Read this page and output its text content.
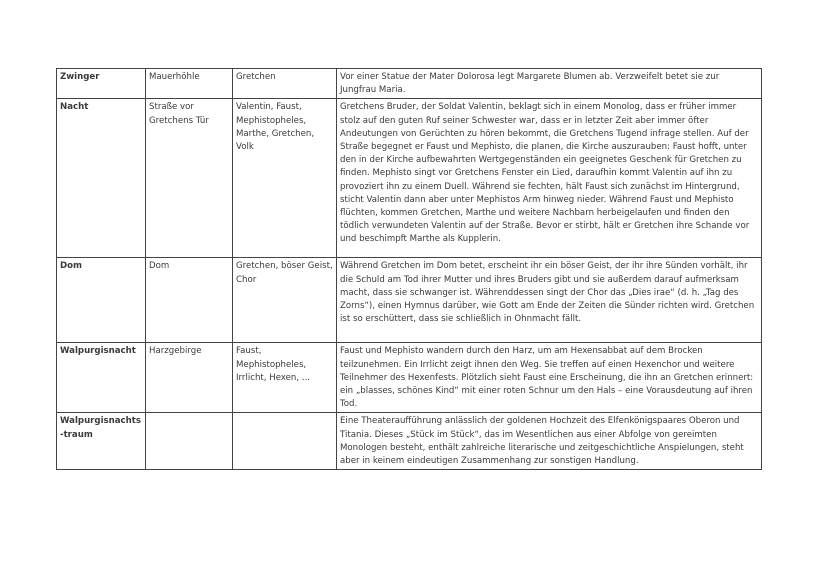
Zwinger	Mauerhöhle	Gretchen	Vor einer Statue der Mater Dolorosa legt Margarete Blumen ab. Verzweifelt betet sie zur Jungfrau Maria.
Nacht	Straße vor Gretchens Tür	Valentin, Faust, Mephistopheles, Marthe, Gretchen, Volk	Gretchens Bruder, der Soldat Valentin, beklagt sich in einem Monolog, dass er früher immer stolz auf den guten Ruf seiner Schwester war, dass er in letzter Zeit aber immer öfter Andeutungen von Gerüchten zu hören bekommt, die Gretchens Tugend infrage stellen. Auf der Straße begegnet er Faust und Mephisto, die planen, die Kirche auszurauben: Faust hofft, unter den in der Kirche aufbewahrten Wertgegenständen ein geeignetes Geschenk für Gretchen zu finden. Mephisto singt vor Gretchens Fenster ein Lied, daraufhin kommt Valentin auf ihn zu provoziert ihn zu einem Duell. Während sie fechten, hält Faust sich zunächst im Hintergrund, sticht Valentin dann aber unter Mephistos Arm hinweg nieder. Während Faust und Mephisto flüchten, kommen Gretchen, Marthe und weitere Nachbarn herbeigelaufen und finden den tödlich verwundeten Valentin auf der Straße. Bevor er stirbt, hält er Gretchen ihre Schande vor und beschimpft Marthe als Kupplerin.
Dom	Dom	Gretchen, böser Geist, Chor	Während Gretchen im Dom betet, erscheint ihr ein böser Geist, der ihr ihre Sünden vorhält, ihr die Schuld am Tod ihrer Mutter und ihres Bruders gibt und sie außerdem darauf aufmerksam macht, dass sie schwanger ist. Währenddessen singt der Chor das „Dies irae“ (d. h. „Tag des Zorns“), einen Hymnus darüber, wie Gott am Ende der Zeiten die Sünder richten wird. Gretchen ist so erschüttert, dass sie schließlich in Ohnmacht fällt.
Walpurgisnacht	Harzgebirge	Faust, Mephistopheles, Irrlicht, Hexen, ...	Faust und Mephisto wandern durch den Harz, um am Hexensabbat auf dem Brocken teilzunehmen. Ein Irrlicht zeigt ihnen den Weg. Sie treffen auf einen Hexenchor und weitere Teilnehmer des Hexenfests. Plötzlich sieht Faust eine Erscheinung, die ihn an Gretchen erinnert: ein „blasses, schönes Kind“ mit einer roten Schnur um den Hals – eine Vorausdeutung auf ihren Tod.
Walpurgisnachts-traum			Eine Theateraufführung anlässlich der goldenen Hochzeit des Elfenkönigspaares Oberon und Titania. Dieses „Stück im Stück“, das im Wesentlichen aus einer Abfolge von gereimten Monologen besteht, enthält zahlreiche literarische und zeitgeschichtliche Anspielungen, steht aber in keinem eindeutigen Zusammenhang zur sonstigen Handlung.
